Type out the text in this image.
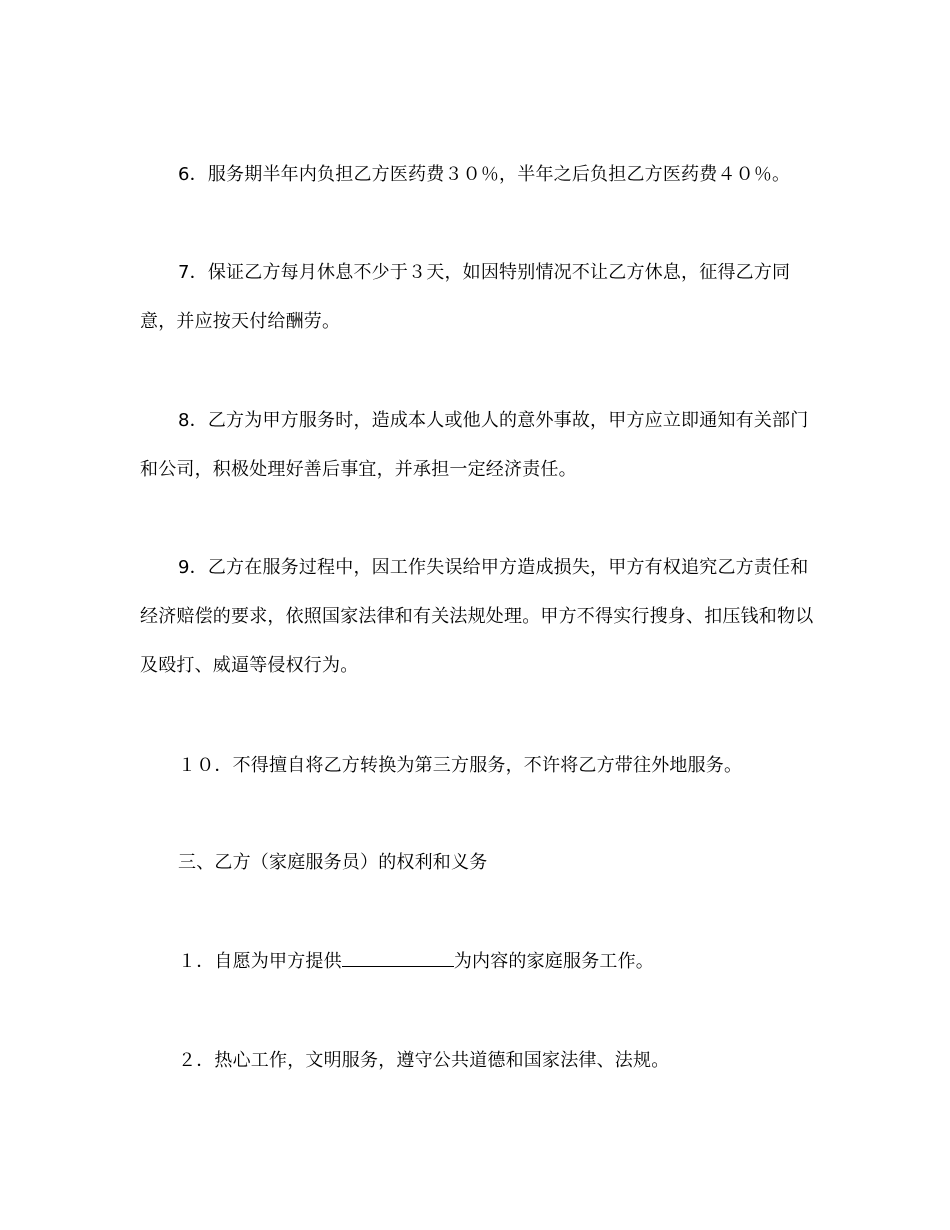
6．服务期半年内负担乙方医药费３０％，半年之后负担乙方医药费４０％。

7．保证乙方每月休息不少于３天，如因特别情况不让乙方休息，征得乙方同意，并应按天付给酬劳。

8．乙方为甲方服务时，造成本人或他人的意外事故，甲方应立即通知有关部门和公司，积极处理好善后事宜，并承担一定经济责任。

9．乙方在服务过程中，因工作失误给甲方造成损失，甲方有权追究乙方责任和经济赔偿的要求，依照国家法律和有关法规处理。甲方不得实行搜身、扣压钱和物以及殴打、威逼等侵权行为。

１０．不得擅自将乙方转换为第三方服务，不许将乙方带往外地服务。

三、乙方（家庭服务员）的权利和义务

１．自愿为甲方提供	为内容的家庭服务工作。

２．热心工作，文明服务，遵守公共道德和国家法律、法规。
